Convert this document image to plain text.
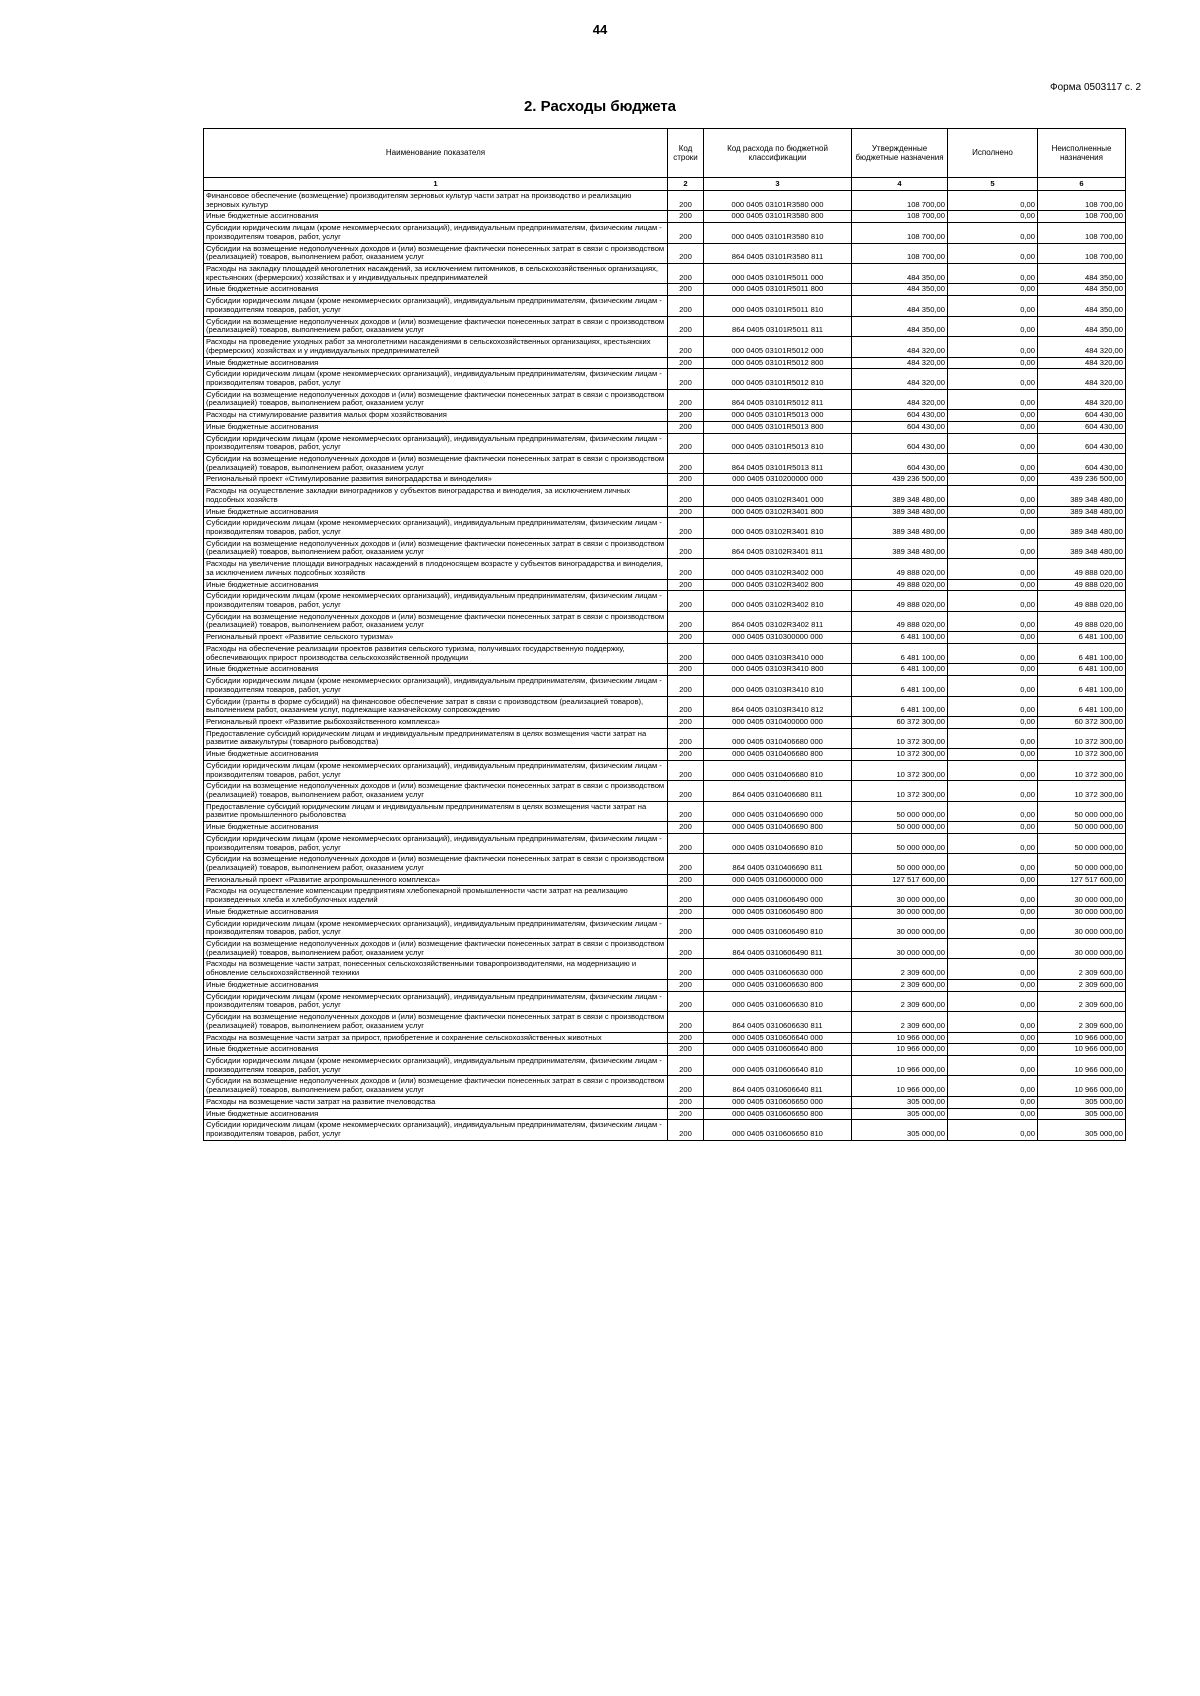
44
Форма 0503117 с. 2
2. Расходы бюджета
Наименование показателя	Код строки	Код расхода по бюджетной классификации	Утвержденные бюджетные назначения	Исполнено	Неисполненные назначения
1	2	3	4	5	6
Финансовое обеспечение (возмещение) производителям зерновых культур части затрат на производство и реализацию зерновых культур	200	000 0405 03101R3580 000	108 700,00	0,00	108 700,00
Иные бюджетные ассигнования	200	000 0405 03101R3580 800	108 700,00	0,00	108 700,00
Субсидии юридическим лицам (кроме некоммерческих организаций), индивидуальным предпринимателям, физическим лицам - производителям товаров, работ, услуг	200	000 0405 03101R3580 810	108 700,00	0,00	108 700,00
Субсидии на возмещение недополученных доходов и (или) возмещение фактически понесенных затрат в связи с производством (реализацией) товаров, выполнением работ, оказанием услуг	200	864 0405 03101R3580 811	108 700,00	0,00	108 700,00
Расходы на закладку площадей многолетних насаждений, за исключением питомников, в сельскохозяйственных организациях, крестьянских (фермерских) хозяйствах и у индивидуальных предпринимателей	200	000 0405 03101R5011 000	484 350,00	0,00	484 350,00
Иные бюджетные ассигнования	200	000 0405 03101R5011 800	484 350,00	0,00	484 350,00
Субсидии юридическим лицам (кроме некоммерческих организаций), индивидуальным предпринимателям, физическим лицам - производителям товаров, работ, услуг	200	000 0405 03101R5011 810	484 350,00	0,00	484 350,00
Субсидии на возмещение недополученных доходов и (или) возмещение фактически понесенных затрат в связи с производством (реализацией) товаров, выполнением работ, оказанием услуг	200	864 0405 03101R5011 811	484 350,00	0,00	484 350,00
Расходы на проведение уходных работ за многолетними насаждениями в сельскохозяйственных организациях, крестьянских (фермерских) хозяйствах и у индивидуальных предпринимателей	200	000 0405 03101R5012 000	484 320,00	0,00	484 320,00
Иные бюджетные ассигнования	200	000 0405 03101R5012 800	484 320,00	0,00	484 320,00
Субсидии юридическим лицам (кроме некоммерческих организаций), индивидуальным предпринимателям, физическим лицам - производителям товаров, работ, услуг	200	000 0405 03101R5012 810	484 320,00	0,00	484 320,00
Субсидии на возмещение недополученных доходов и (или) возмещение фактически понесенных затрат в связи с производством (реализацией) товаров, выполнением работ, оказанием услуг	200	864 0405 03101R5012 811	484 320,00	0,00	484 320,00
Расходы на стимулирование развития малых форм хозяйствования	200	000 0405 03101R5013 000	604 430,00	0,00	604 430,00
Иные бюджетные ассигнования	200	000 0405 03101R5013 800	604 430,00	0,00	604 430,00
Субсидии юридическим лицам (кроме некоммерческих организаций), индивидуальным предпринимателям, физическим лицам - производителям товаров, работ, услуг	200	000 0405 03101R5013 810	604 430,00	0,00	604 430,00
Субсидии на возмещение недополученных доходов и (или) возмещение фактически понесенных затрат в связи с производством (реализацией) товаров, выполнением работ, оказанием услуг	200	864 0405 03101R5013 811	604 430,00	0,00	604 430,00
Региональный проект «Стимулирование развития виноградарства и виноделия»	200	000 0405 0310200000 000	439 236 500,00	0,00	439 236 500,00
Расходы на осуществление закладки виноградников у субъектов виноградарства и виноделия, за исключением личных подсобных хозяйств	200	000 0405 03102R3401 000	389 348 480,00	0,00	389 348 480,00
Иные бюджетные ассигнования	200	000 0405 03102R3401 800	389 348 480,00	0,00	389 348 480,00
Субсидии юридическим лицам (кроме некоммерческих организаций), индивидуальным предпринимателям, физическим лицам - производителям товаров, работ, услуг	200	000 0405 03102R3401 810	389 348 480,00	0,00	389 348 480,00
Субсидии на возмещение недополученных доходов и (или) возмещение фактически понесенных затрат в связи с производством (реализацией) товаров, выполнением работ, оказанием услуг	200	864 0405 03102R3401 811	389 348 480,00	0,00	389 348 480,00
Расходы на увеличение площади виноградных насаждений в плодоносящем возрасте у субъектов виноградарства и виноделия, за исключением личных подсобных хозяйств	200	000 0405 03102R3402 000	49 888 020,00	0,00	49 888 020,00
Иные бюджетные ассигнования	200	000 0405 03102R3402 800	49 888 020,00	0,00	49 888 020,00
Субсидии юридическим лицам (кроме некоммерческих организаций), индивидуальным предпринимателям, физическим лицам - производителям товаров, работ, услуг	200	000 0405 03102R3402 810	49 888 020,00	0,00	49 888 020,00
Субсидии на возмещение недополученных доходов и (или) возмещение фактически понесенных затрат в связи с производством (реализацией) товаров, выполнением работ, оказанием услуг	200	864 0405 03102R3402 811	49 888 020,00	0,00	49 888 020,00
Региональный проект «Развитие сельского туризма»	200	000 0405 0310300000 000	6 481 100,00	0,00	6 481 100,00
Расходы на обеспечение реализации проектов развития сельского туризма, получивших государственную поддержку, обеспечивающих прирост производства сельскохозяйственной продукции	200	000 0405 03103R3410 000	6 481 100,00	0,00	6 481 100,00
Иные бюджетные ассигнования	200	000 0405 03103R3410 800	6 481 100,00	0,00	6 481 100,00
Субсидии юридическим лицам (кроме некоммерческих организаций), индивидуальным предпринимателям, физическим лицам - производителям товаров, работ, услуг	200	000 0405 03103R3410 810	6 481 100,00	0,00	6 481 100,00
Субсидии (гранты в форме субсидий) на финансовое обеспечение затрат в связи с производством (реализацией товаров), выполнением работ, оказанием услуг, подлежащие казначейскому сопровождению	200	864 0405 03103R3410 812	6 481 100,00	0,00	6 481 100,00
Региональный проект «Развитие рыбохозяйственного комплекса»	200	000 0405 0310400000 000	60 372 300,00	0,00	60 372 300,00
Предоставление субсидий юридическим лицам и индивидуальным предпринимателям в целях возмещения части затрат на развитие аквакультуры (товарного рыбоводства)	200	000 0405 0310406680 000	10 372 300,00	0,00	10 372 300,00
Иные бюджетные ассигнования	200	000 0405 0310406680 800	10 372 300,00	0,00	10 372 300,00
Субсидии юридическим лицам (кроме некоммерческих организаций), индивидуальным предпринимателям, физическим лицам - производителям товаров, работ, услуг	200	000 0405 0310406680 810	10 372 300,00	0,00	10 372 300,00
Субсидии на возмещение недополученных доходов и (или) возмещение фактически понесенных затрат в связи с производством (реализацией) товаров, выполнением работ, оказанием услуг	200	864 0405 0310406680 811	10 372 300,00	0,00	10 372 300,00
Предоставление субсидий юридическим лицам и индивидуальным предпринимателям в целях возмещения части затрат на развитие промышленного рыболовства	200	000 0405 0310406690 000	50 000 000,00	0,00	50 000 000,00
Иные бюджетные ассигнования	200	000 0405 0310406690 800	50 000 000,00	0,00	50 000 000,00
Субсидии юридическим лицам (кроме некоммерческих организаций), индивидуальным предпринимателям, физическим лицам - производителям товаров, работ, услуг	200	000 0405 0310406690 810	50 000 000,00	0,00	50 000 000,00
Субсидии на возмещение недополученных доходов и (или) возмещение фактически понесенных затрат в связи с производством (реализацией) товаров, выполнением работ, оказанием услуг	200	864 0405 0310406690 811	50 000 000,00	0,00	50 000 000,00
Региональный проект «Развитие агропромышленного комплекса»	200	000 0405 0310600000 000	127 517 600,00	0,00	127 517 600,00
Расходы на осуществление компенсации предприятиям хлебопекарной промышленности части затрат на реализацию произведенных хлеба и хлебобулочных изделий	200	000 0405 0310606490 000	30 000 000,00	0,00	30 000 000,00
Иные бюджетные ассигнования	200	000 0405 0310606490 800	30 000 000,00	0,00	30 000 000,00
Субсидии юридическим лицам (кроме некоммерческих организаций), индивидуальным предпринимателям, физическим лицам - производителям товаров, работ, услуг	200	000 0405 0310606490 810	30 000 000,00	0,00	30 000 000,00
Субсидии на возмещение недополученных доходов и (или) возмещение фактически понесенных затрат в связи с производством (реализацией) товаров, выполнением работ, оказанием услуг	200	864 0405 0310606490 811	30 000 000,00	0,00	30 000 000,00
Расходы на возмещение части затрат, понесенных сельскохозяйственными товаропроизводителями, на модернизацию и обновление сельскохозяйственной техники	200	000 0405 0310606630 000	2 309 600,00	0,00	2 309 600,00
Иные бюджетные ассигнования	200	000 0405 0310606630 800	2 309 600,00	0,00	2 309 600,00
Субсидии юридическим лицам (кроме некоммерческих организаций), индивидуальным предпринимателям, физическим лицам - производителям товаров, работ, услуг	200	000 0405 0310606630 810	2 309 600,00	0,00	2 309 600,00
Субсидии на возмещение недополученных доходов и (или) возмещение фактически понесенных затрат в связи с производством (реализацией) товаров, выполнением работ, оказанием услуг	200	864 0405 0310606630 811	2 309 600,00	0,00	2 309 600,00
Расходы на возмещение части затрат за прирост, приобретение и сохранение сельскохозяйственных животных	200	000 0405 0310606640 000	10 966 000,00	0,00	10 966 000,00
Иные бюджетные ассигнования	200	000 0405 0310606640 800	10 966 000,00	0,00	10 966 000,00
Субсидии юридическим лицам (кроме некоммерческих организаций), индивидуальным предпринимателям, физическим лицам - производителям товаров, работ, услуг	200	000 0405 0310606640 810	10 966 000,00	0,00	10 966 000,00
Субсидии на возмещение недополученных доходов и (или) возмещение фактически понесенных затрат в связи с производством (реализацией) товаров, выполнением работ, оказанием услуг	200	864 0405 0310606640 811	10 966 000,00	0,00	10 966 000,00
Расходы на возмещение части затрат на развитие пчеловодства	200	000 0405 0310606650 000	305 000,00	0,00	305 000,00
Иные бюджетные ассигнования	200	000 0405 0310606650 800	305 000,00	0,00	305 000,00
Субсидии юридическим лицам (кроме некоммерческих организаций), индивидуальным предпринимателям, физическим лицам - производителям товаров, работ, услуг	200	000 0405 0310606650 810	305 000,00	0,00	305 000,00
